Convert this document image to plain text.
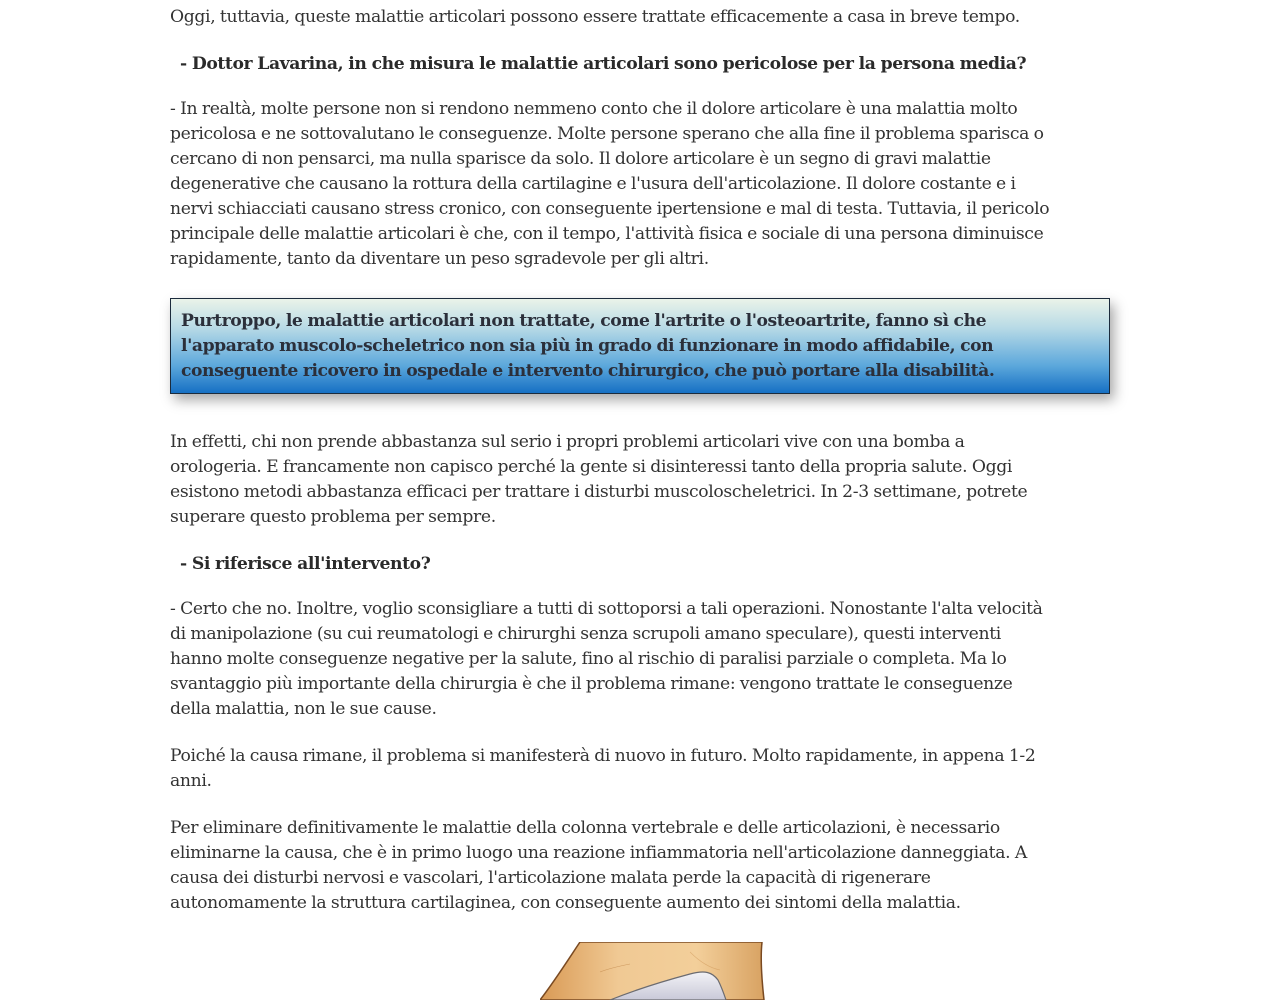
Oggi, tuttavia, queste malattie articolari possono essere trattate efficacemente a casa in breve tempo.

- Dottor Lavarina, in che misura le malattie articolari sono pericolose per la persona media?

- In realtà, molte persone non si rendono nemmeno conto che il dolore articolare è una malattia molto

pericolosa e ne sottovalutano le conseguenze. Molte persone sperano che alla fine il problema sparisca o

cercano di non pensarci, ma nulla sparisce da solo. Il dolore articolare è un segno di gravi malattie

degenerative che causano la rottura della cartilagine e l'usura dell'articolazione. Il dolore costante e i

nervi schiacciati causano stress cronico, con conseguente ipertensione e mal di testa. Tuttavia, il pericolo

principale delle malattie articolari è che, con il tempo, l'attività fisica e sociale di una persona diminuisce

rapidamente, tanto da diventare un peso sgradevole per gli altri.

In effetti, chi non prende abbastanza sul serio i propri problemi articolari vive con una bomba a

orologeria. E francamente non capisco perché la gente si disinteressi tanto della propria salute. Oggi

esistono metodi abbastanza efficaci per trattare i disturbi muscoloscheletrici. In 2-3 settimane, potrete

superare questo problema per sempre.

- Si riferisce all'intervento?

- Certo che no. Inoltre, voglio sconsigliare a tutti di sottoporsi a tali operazioni. Nonostante l'alta velocità

di manipolazione (su cui reumatologi e chirurghi senza scrupoli amano speculare), questi interventi

hanno molte conseguenze negative per la salute, fino al rischio di paralisi parziale o completa. Ma lo

svantaggio più importante della chirurgia è che il problema rimane: vengono trattate le conseguenze

della malattia, non le sue cause.

Poiché la causa rimane, il problema si manifesterà di nuovo in futuro. Molto rapidamente, in appena 1-2

anni.

Per eliminare definitivamente le malattie della colonna vertebrale e delle articolazioni, è necessario

eliminarne la causa, che è in primo luogo una reazione infiammatoria nell'articolazione danneggiata. A

causa dei disturbi nervosi e vascolari, l'articolazione malata perde la capacità di rigenerare

autonomamente la struttura cartilaginea, con conseguente aumento dei sintomi della malattia.

Purtroppo, le malattie articolari non trattate, come l'artrite o l'osteoartrite, fanno sì che

l'apparato muscolo-scheletrico non sia più in grado di funzionare in modo affidabile, con

conseguente ricovero in ospedale e intervento chirurgico, che può portare alla disabilità.
